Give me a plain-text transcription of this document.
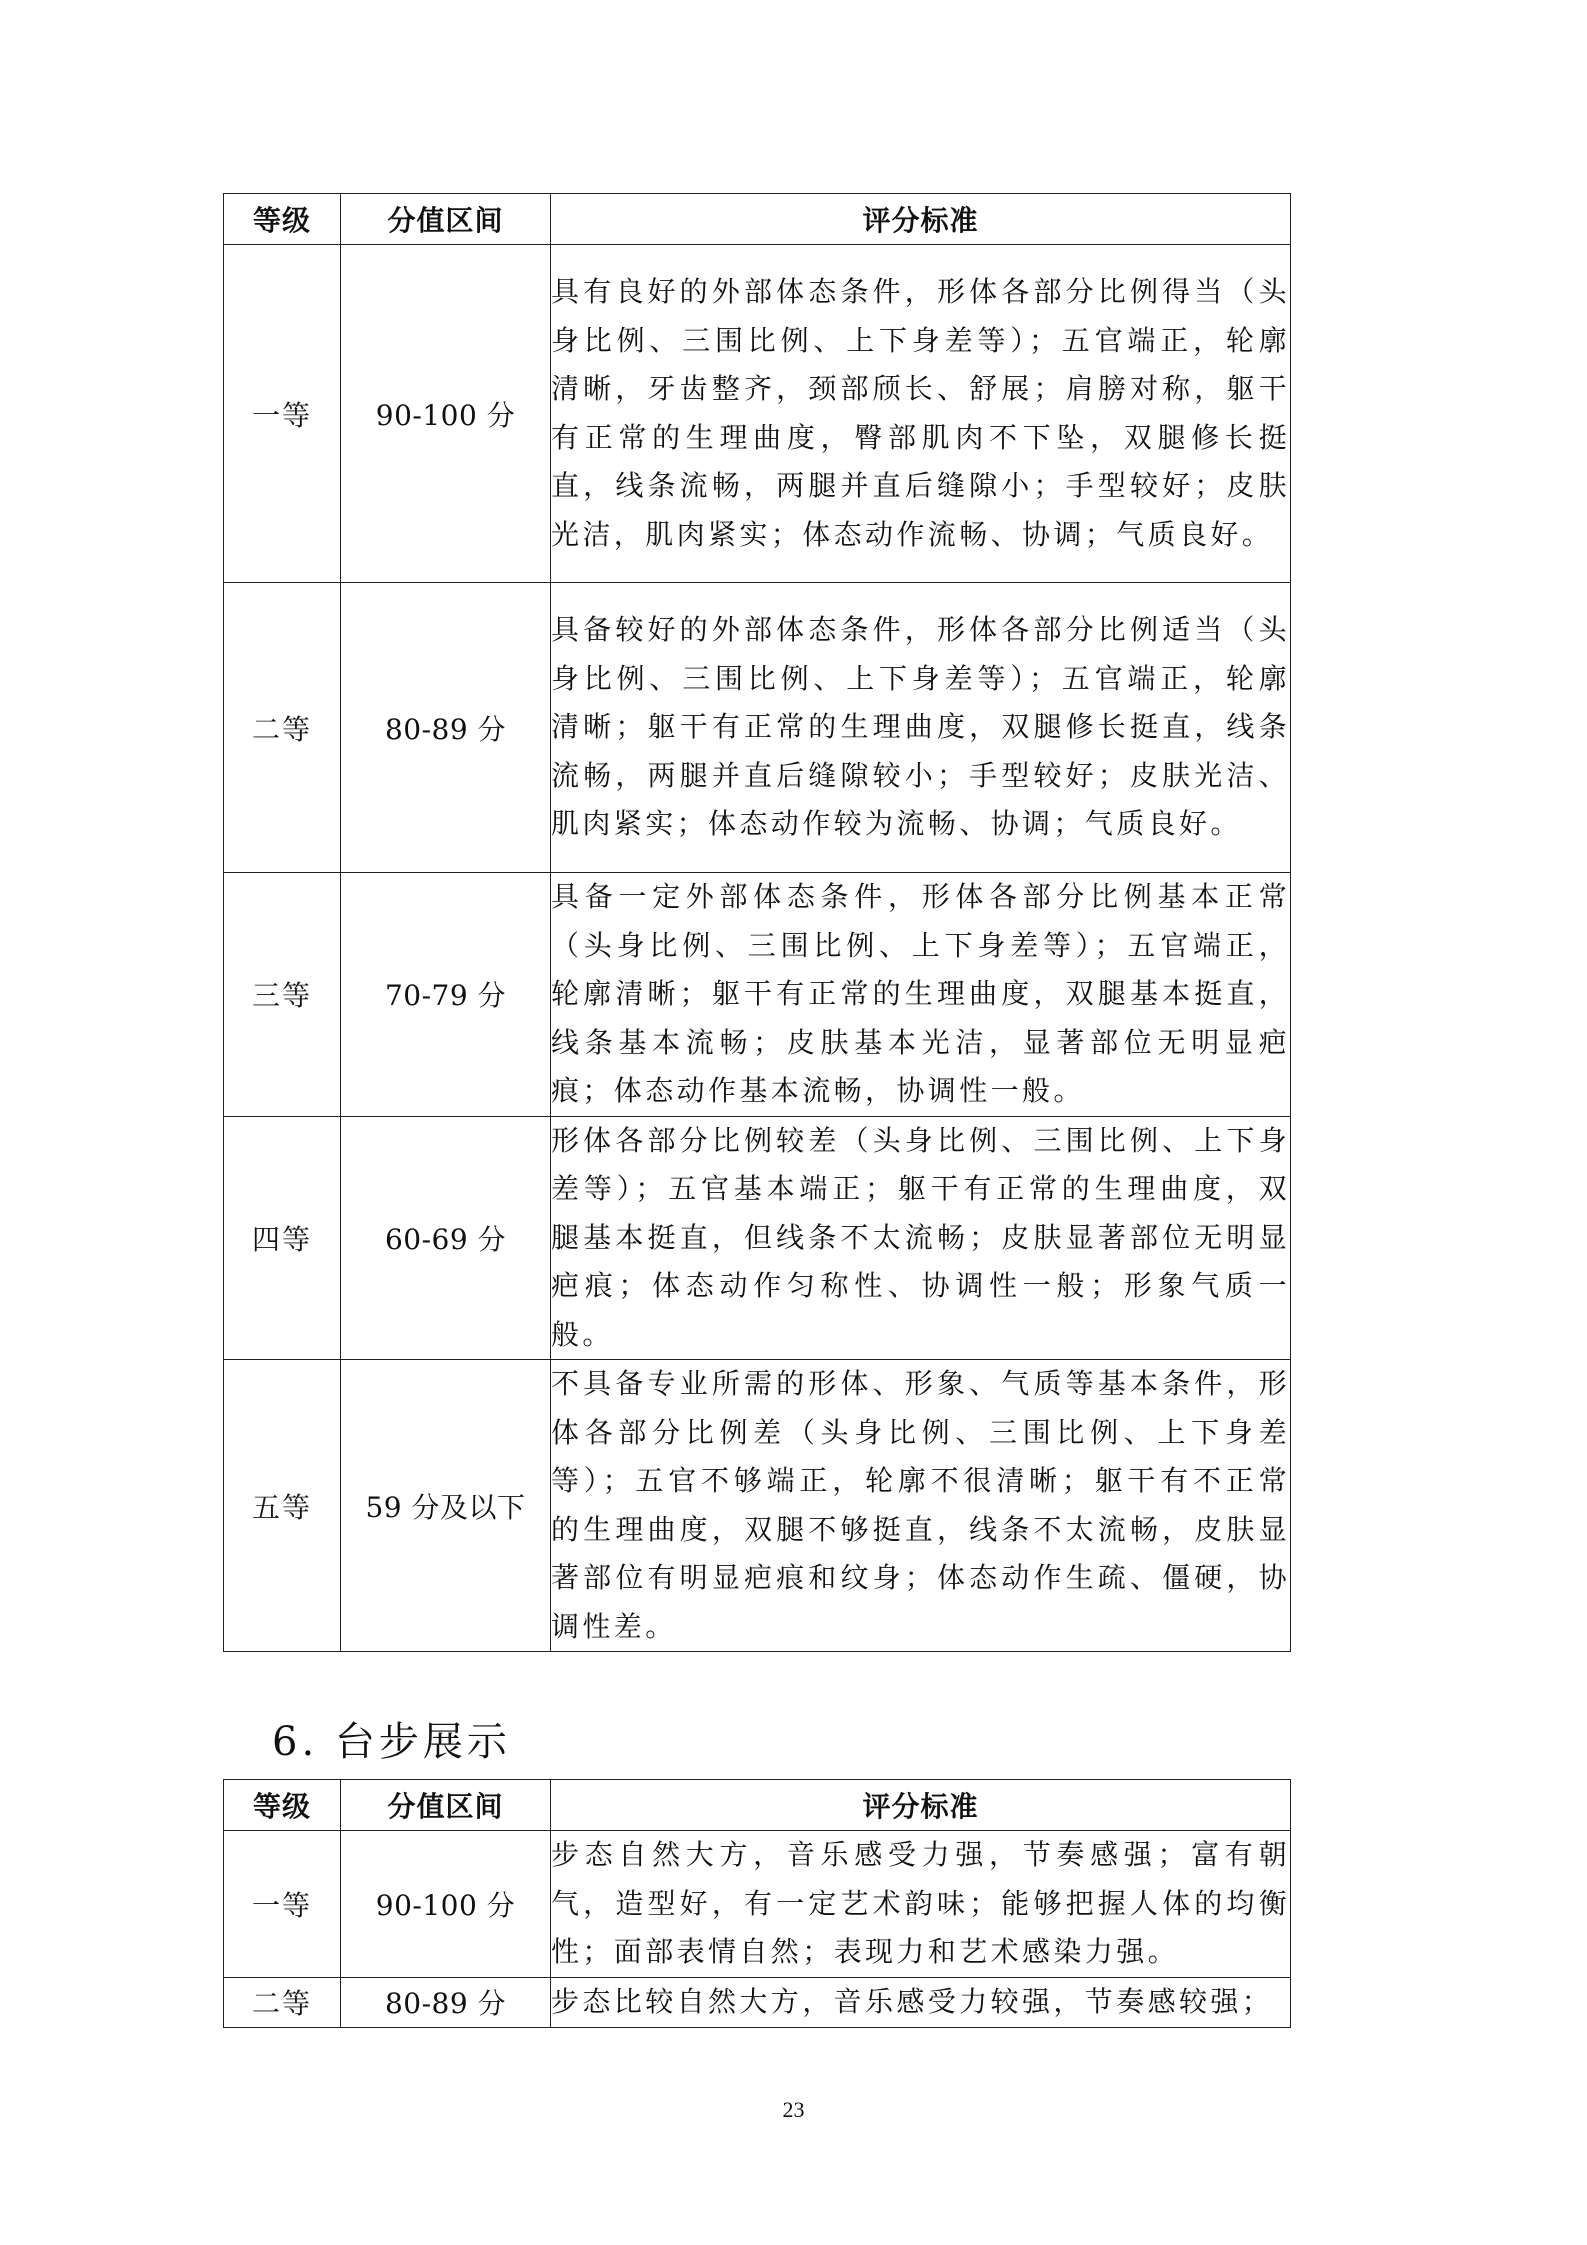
等级	分值区间	评分标准
一等	90-100 分	具有良好的外部体态条件，形体各部分比例得当（头身比例、三围比例、上下身差等）；五官端正，轮廓清晰，牙齿整齐，颈部颀长、舒展；肩膀对称，躯干有正常的生理曲度，臀部肌肉不下坠，双腿修长挺直，线条流畅，两腿并直后缝隙小；手型较好；皮肤光洁，肌肉紧实；体态动作流畅、协调；气质良好。
二等	80-89 分	具备较好的外部体态条件，形体各部分比例适当（头身比例、三围比例、上下身差等）；五官端正，轮廓清晰；躯干有正常的生理曲度，双腿修长挺直，线条流畅，两腿并直后缝隙较小；手型较好；皮肤光洁、肌肉紧实；体态动作较为流畅、协调；气质良好。
三等	70-79 分	具备一定外部体态条件，形体各部分比例基本正常（头身比例、三围比例、上下身差等）；五官端正，轮廓清晰；躯干有正常的生理曲度，双腿基本挺直，线条基本流畅；皮肤基本光洁，显著部位无明显疤痕；体态动作基本流畅，协调性一般。
四等	60-69 分	形体各部分比例较差（头身比例、三围比例、上下身差等）；五官基本端正；躯干有正常的生理曲度，双腿基本挺直，但线条不太流畅；皮肤显著部位无明显疤痕；体态动作匀称性、协调性一般；形象气质一般。
五等	59 分及以下	不具备专业所需的形体、形象、气质等基本条件，形体各部分比例差（头身比例、三围比例、上下身差等）；五官不够端正，轮廓不很清晰；躯干有不正常的生理曲度，双腿不够挺直，线条不太流畅，皮肤显著部位有明显疤痕和纹身；体态动作生疏、僵硬，协调性差。
6. 台步展示
等级	分值区间	评分标准
一等	90-100 分	步态自然大方，音乐感受力强，节奏感强；富有朝气，造型好，有一定艺术韵味；能够把握人体的均衡性；面部表情自然；表现力和艺术感染力强。
二等	80-89 分	步态比较自然大方，音乐感受力较强，节奏感较强；
23
